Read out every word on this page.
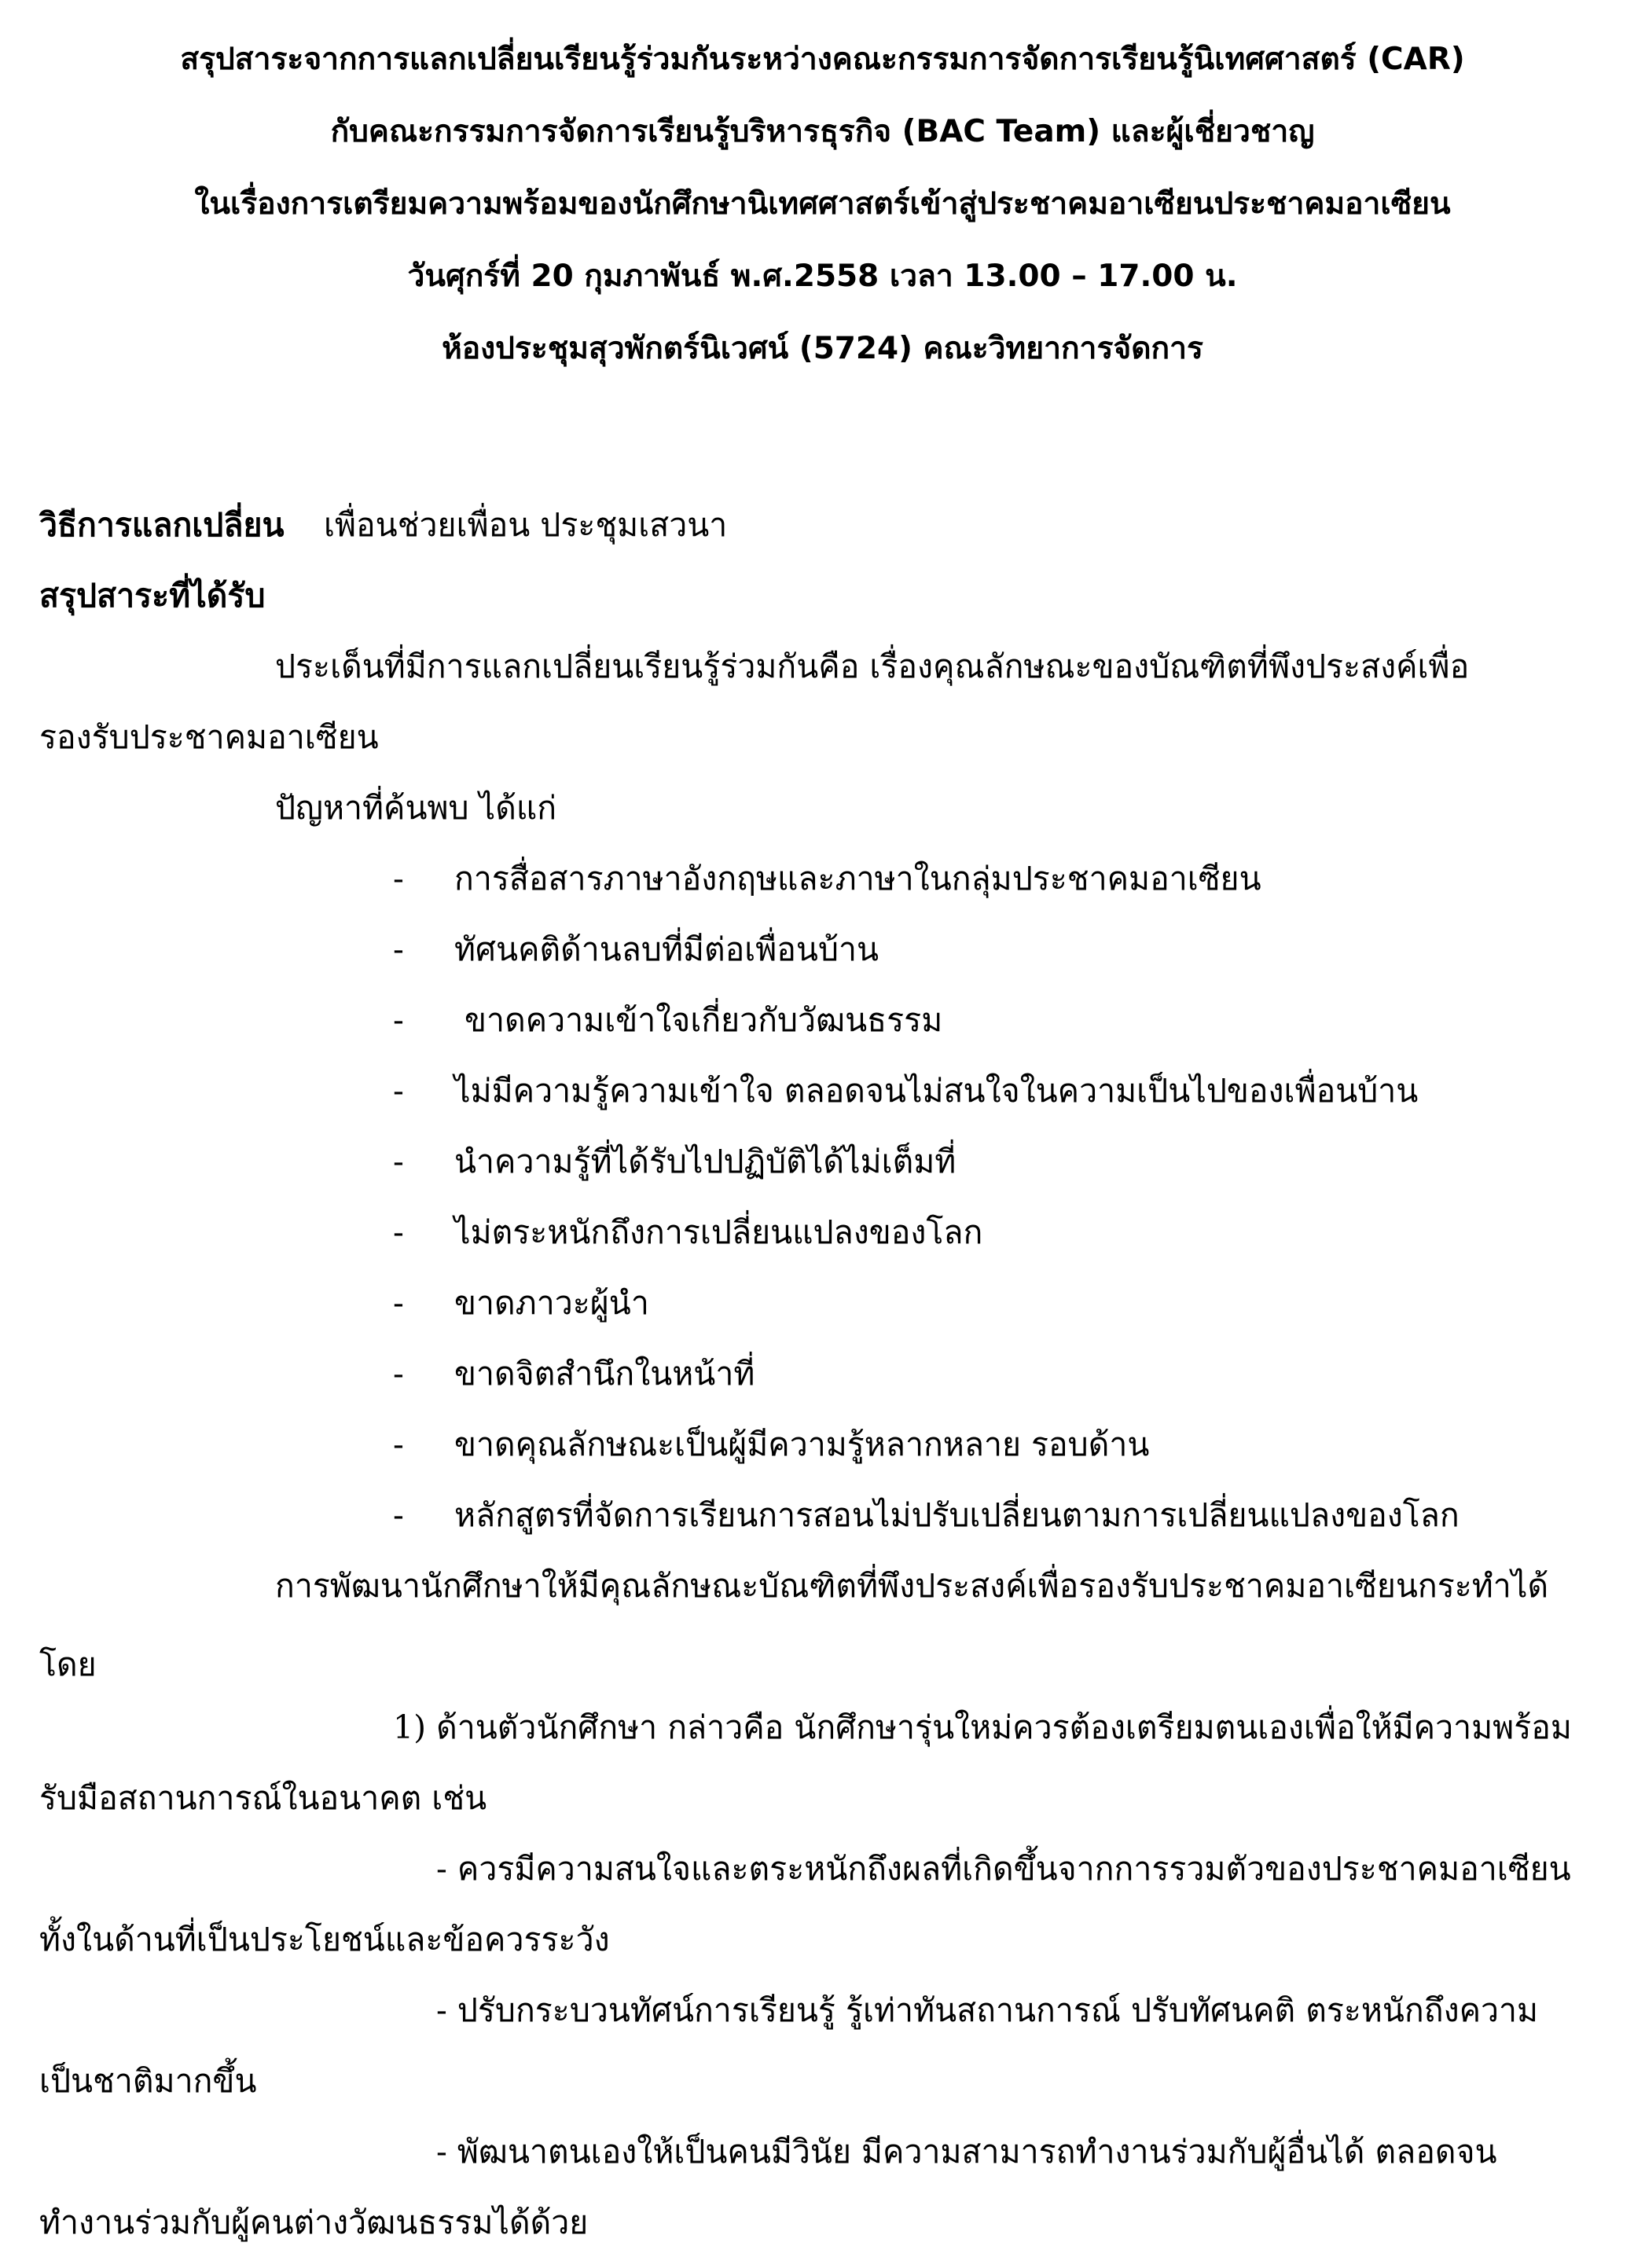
สรุปสาระจากการแลกเปลี่ยนเรียนรู้ร่วมกันระหว่างคณะกรรมการจัดการเรียนรู้นิเทศศาสตร์ (CAR)
กับคณะกรรมการจัดการเรียนรู้บริหารธุรกิจ (BAC Team) และผู้เชี่ยวชาญ
ในเรื่องการเตรียมความพร้อมของนักศึกษานิเทศศาสตร์เข้าสู่ประชาคมอาเซียนประชาคมอาเซียน
วันศุกร์ที่ 20 กุมภาพันธ์ พ.ศ.2558 เวลา 13.00 – 17.00 น.
ห้องประชุมสุวพักตร์นิเวศน์ (5724) คณะวิทยาการจัดการ
วิธีการแลกเปลี่ยน เพื่อนช่วยเพื่อน ประชุมเสวนา
สรุปสาระที่ได้รับ
ประเด็นที่มีการแลกเปลี่ยนเรียนรู้ร่วมกันคือ เรื่องคุณลักษณะของบัณฑิตที่พึงประสงค์เพื่อ
รองรับประชาคมอาเซียน
ปัญหาที่ค้นพบ ได้แก่
- การสื่อสารภาษาอังกฤษและภาษาในกลุ่มประชาคมอาเซียน
- ทัศนคติด้านลบที่มีต่อเพื่อนบ้าน
- ขาดความเข้าใจเกี่ยวกับวัฒนธรรม
- ไม่มีความรู้ความเข้าใจ ตลอดจนไม่สนใจในความเป็นไปของเพื่อนบ้าน
- นำความรู้ที่ได้รับไปปฏิบัติได้ไม่เต็มที่
- ไม่ตระหนักถึงการเปลี่ยนแปลงของโลก
- ขาดภาวะผู้นำ
- ขาดจิตสำนึกในหน้าที่
- ขาดคุณลักษณะเป็นผู้มีความรู้หลากหลาย รอบด้าน
- หลักสูตรที่จัดการเรียนการสอนไม่ปรับเปลี่ยนตามการเปลี่ยนแปลงของโลก
การพัฒนานักศึกษาให้มีคุณลักษณะบัณฑิตที่พึงประสงค์เพื่อรองรับประชาคมอาเซียนกระทำได้
โดย
1) ด้านตัวนักศึกษา กล่าวคือ นักศึกษารุ่นใหม่ควรต้องเตรียมตนเองเพื่อให้มีความพร้อม
รับมือสถานการณ์ในอนาคต เช่น
- ควรมีความสนใจและตระหนักถึงผลที่เกิดขึ้นจากการรวมตัวของประชาคมอาเซียน
ทั้งในด้านที่เป็นประโยชน์และข้อควรระวัง
- ปรับกระบวนทัศน์การเรียนรู้ รู้เท่าทันสถานการณ์ ปรับทัศนคติ ตระหนักถึงความ
เป็นชาติมากขึ้น
- พัฒนาตนเองให้เป็นคนมีวินัย มีความสามารถทำงานร่วมกับผู้อื่นได้ ตลอดจน
ทำงานร่วมกับผู้คนต่างวัฒนธรรมได้ด้วย
